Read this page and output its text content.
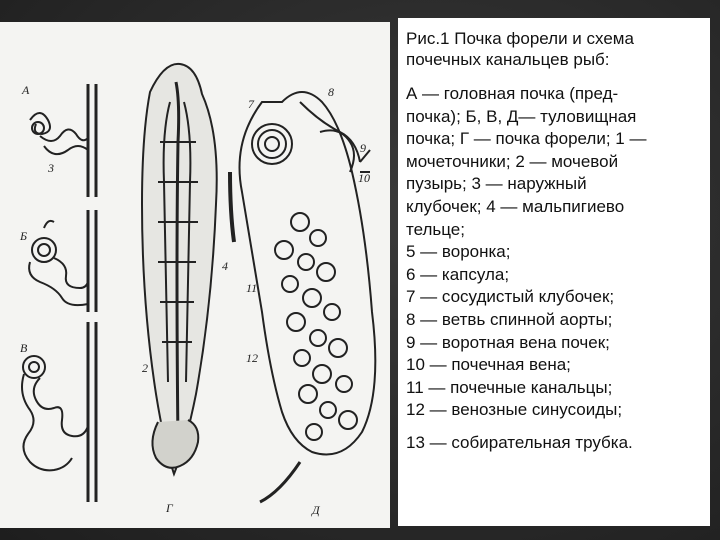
А
Б
В
Г	Д
2
3
4
7
8
9
11
10
12

Рис.1 Почка форели и схема
почечных канальцев рыб:

А — головная почка (пред-

почка); Б, В, Д— туловищная

почка; Г — почка форели; 1 —

мочеточники; 2 — мочевой

пузырь; 3 — наружный

клубочек; 4 — мальпигиево

тельце;

5 — воронка;

6 — капсула;

7 — сосудистый клубочек;

8 — ветвь спинной аорты;

9 — воротная вена почек;

10 — почечная вена;

11 — почечные канальцы;

12 — венозные синусоиды;

13 — собирательная трубка.
